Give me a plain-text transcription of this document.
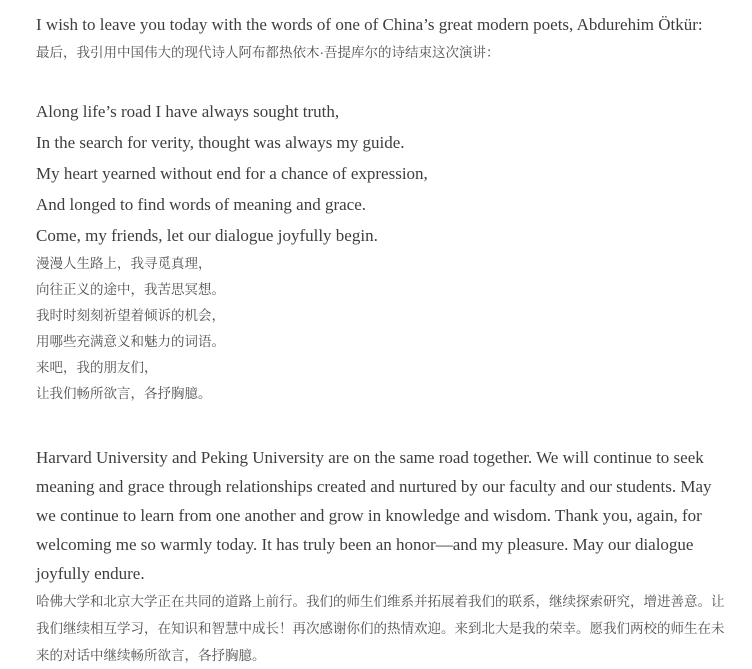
I wish to leave you today with the words of one of China’s great modern poets, Abdurehim Ötkür:

最后，我引用中国伟大的现代诗人阿布都热依木·吾提库尔的诗结束这次演讲：

Along life’s road I have always sought truth,

In the search for verity, thought was always my guide.

My heart yearned without end for a chance of expression,

And longed to find words of meaning and grace.

Come, my friends, let our dialogue joyfully begin.

漫漫人生路上，我寻觅真理，

向往正义的途中，我苦思冥想。

我时时刻刻祈望着倾诉的机会，

用哪些充满意义和魅力的词语。

来吧，我的朋友们，

让我们畅所欲言，各抒胸臆。

Harvard University and Peking University are on the same road together. We will continue to seek meaning and grace through relationships created and nurtured by our faculty and our students. May we continue to learn from one another and grow in knowledge and wisdom. Thank you, again, for welcoming me so warmly today. It has truly been an honor—and my pleasure. May our dialogue joyfully endure.

哈佛大学和北京大学正在共同的道路上前行。我们的师生们维系并拓展着我们的联系，继续探索研究，增进善意。让我们继续相互学习，在知识和智慧中成长！再次感谢你们的热情欢迎。来到北大是我的荣幸。愿我们两校的师生在未来的对话中继续畅所欲言，各抒胸臆。
